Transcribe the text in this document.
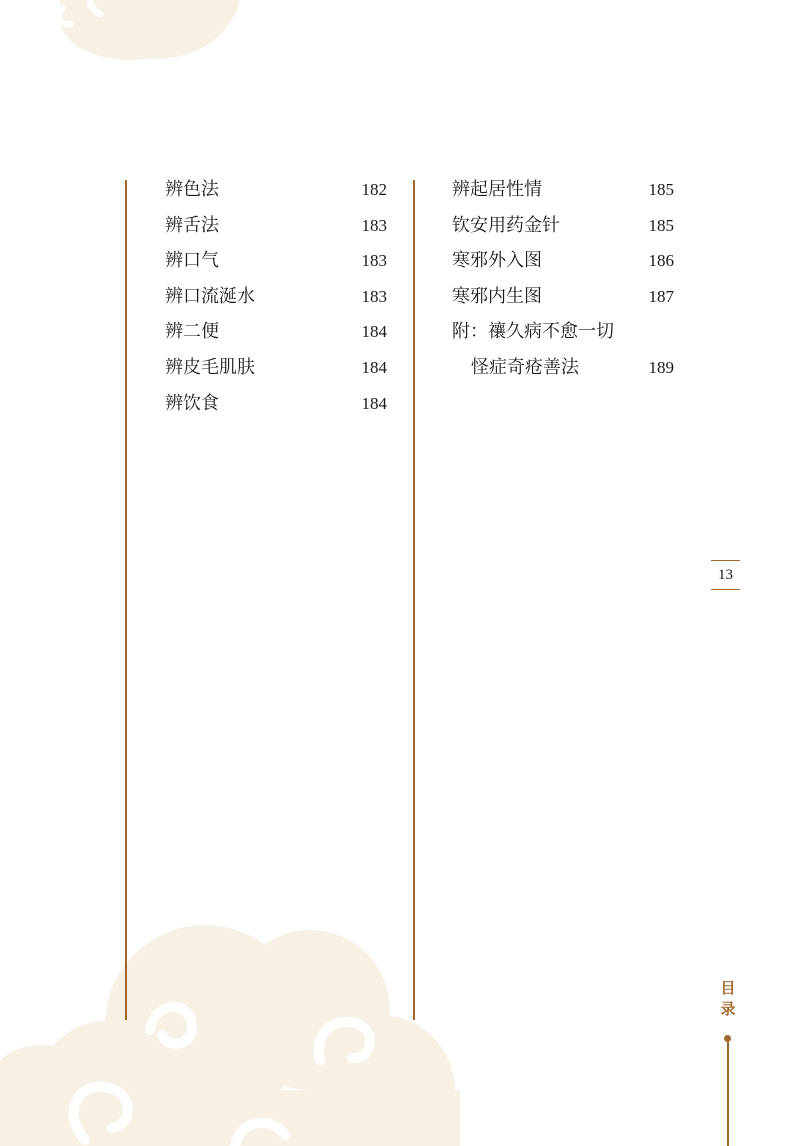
辨色法	182
辨舌法	183
辨口气	183
辨口流涎水	183
辨二便	184
辨皮毛肌肤	184
辨饮食	184
辨起居性情	185
钦安用药金针	185
寒邪外入图	186
寒邪内生图	187
附：禳久病不愈一切
怪症奇疮善法	189
13
目
录
